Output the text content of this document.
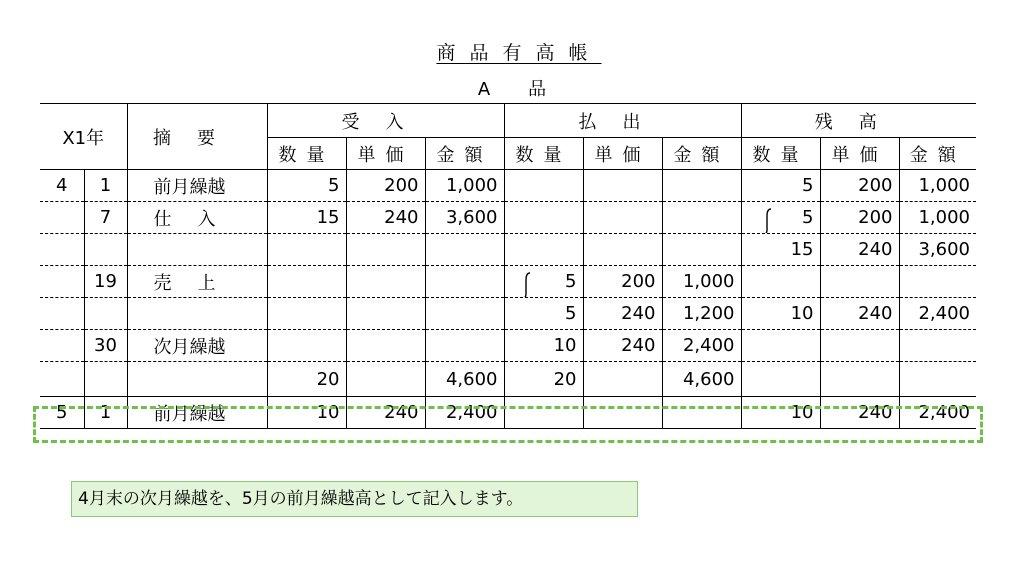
商品有高帳
A品
X1年		摘要	受入			払出			残高		
			数量	単価	金額	数量	単価	金額	数量	単価	金額
4	1	前月繰越	5	200	1,000				5	200	1,000
	7	仕入	15	240	3,600				5	200	1,000
									15	240	3,600
	19	売上				5	200	1,000			
						5	240	1,200	10	240	2,400
	30	次月繰越				10	240	2,400			
			20		4,600	20		4,600			
5	1	前月繰越	10	240	2,400				10	240	2,400
4月末の次月繰越を、5月の前月繰越高として記入します。
